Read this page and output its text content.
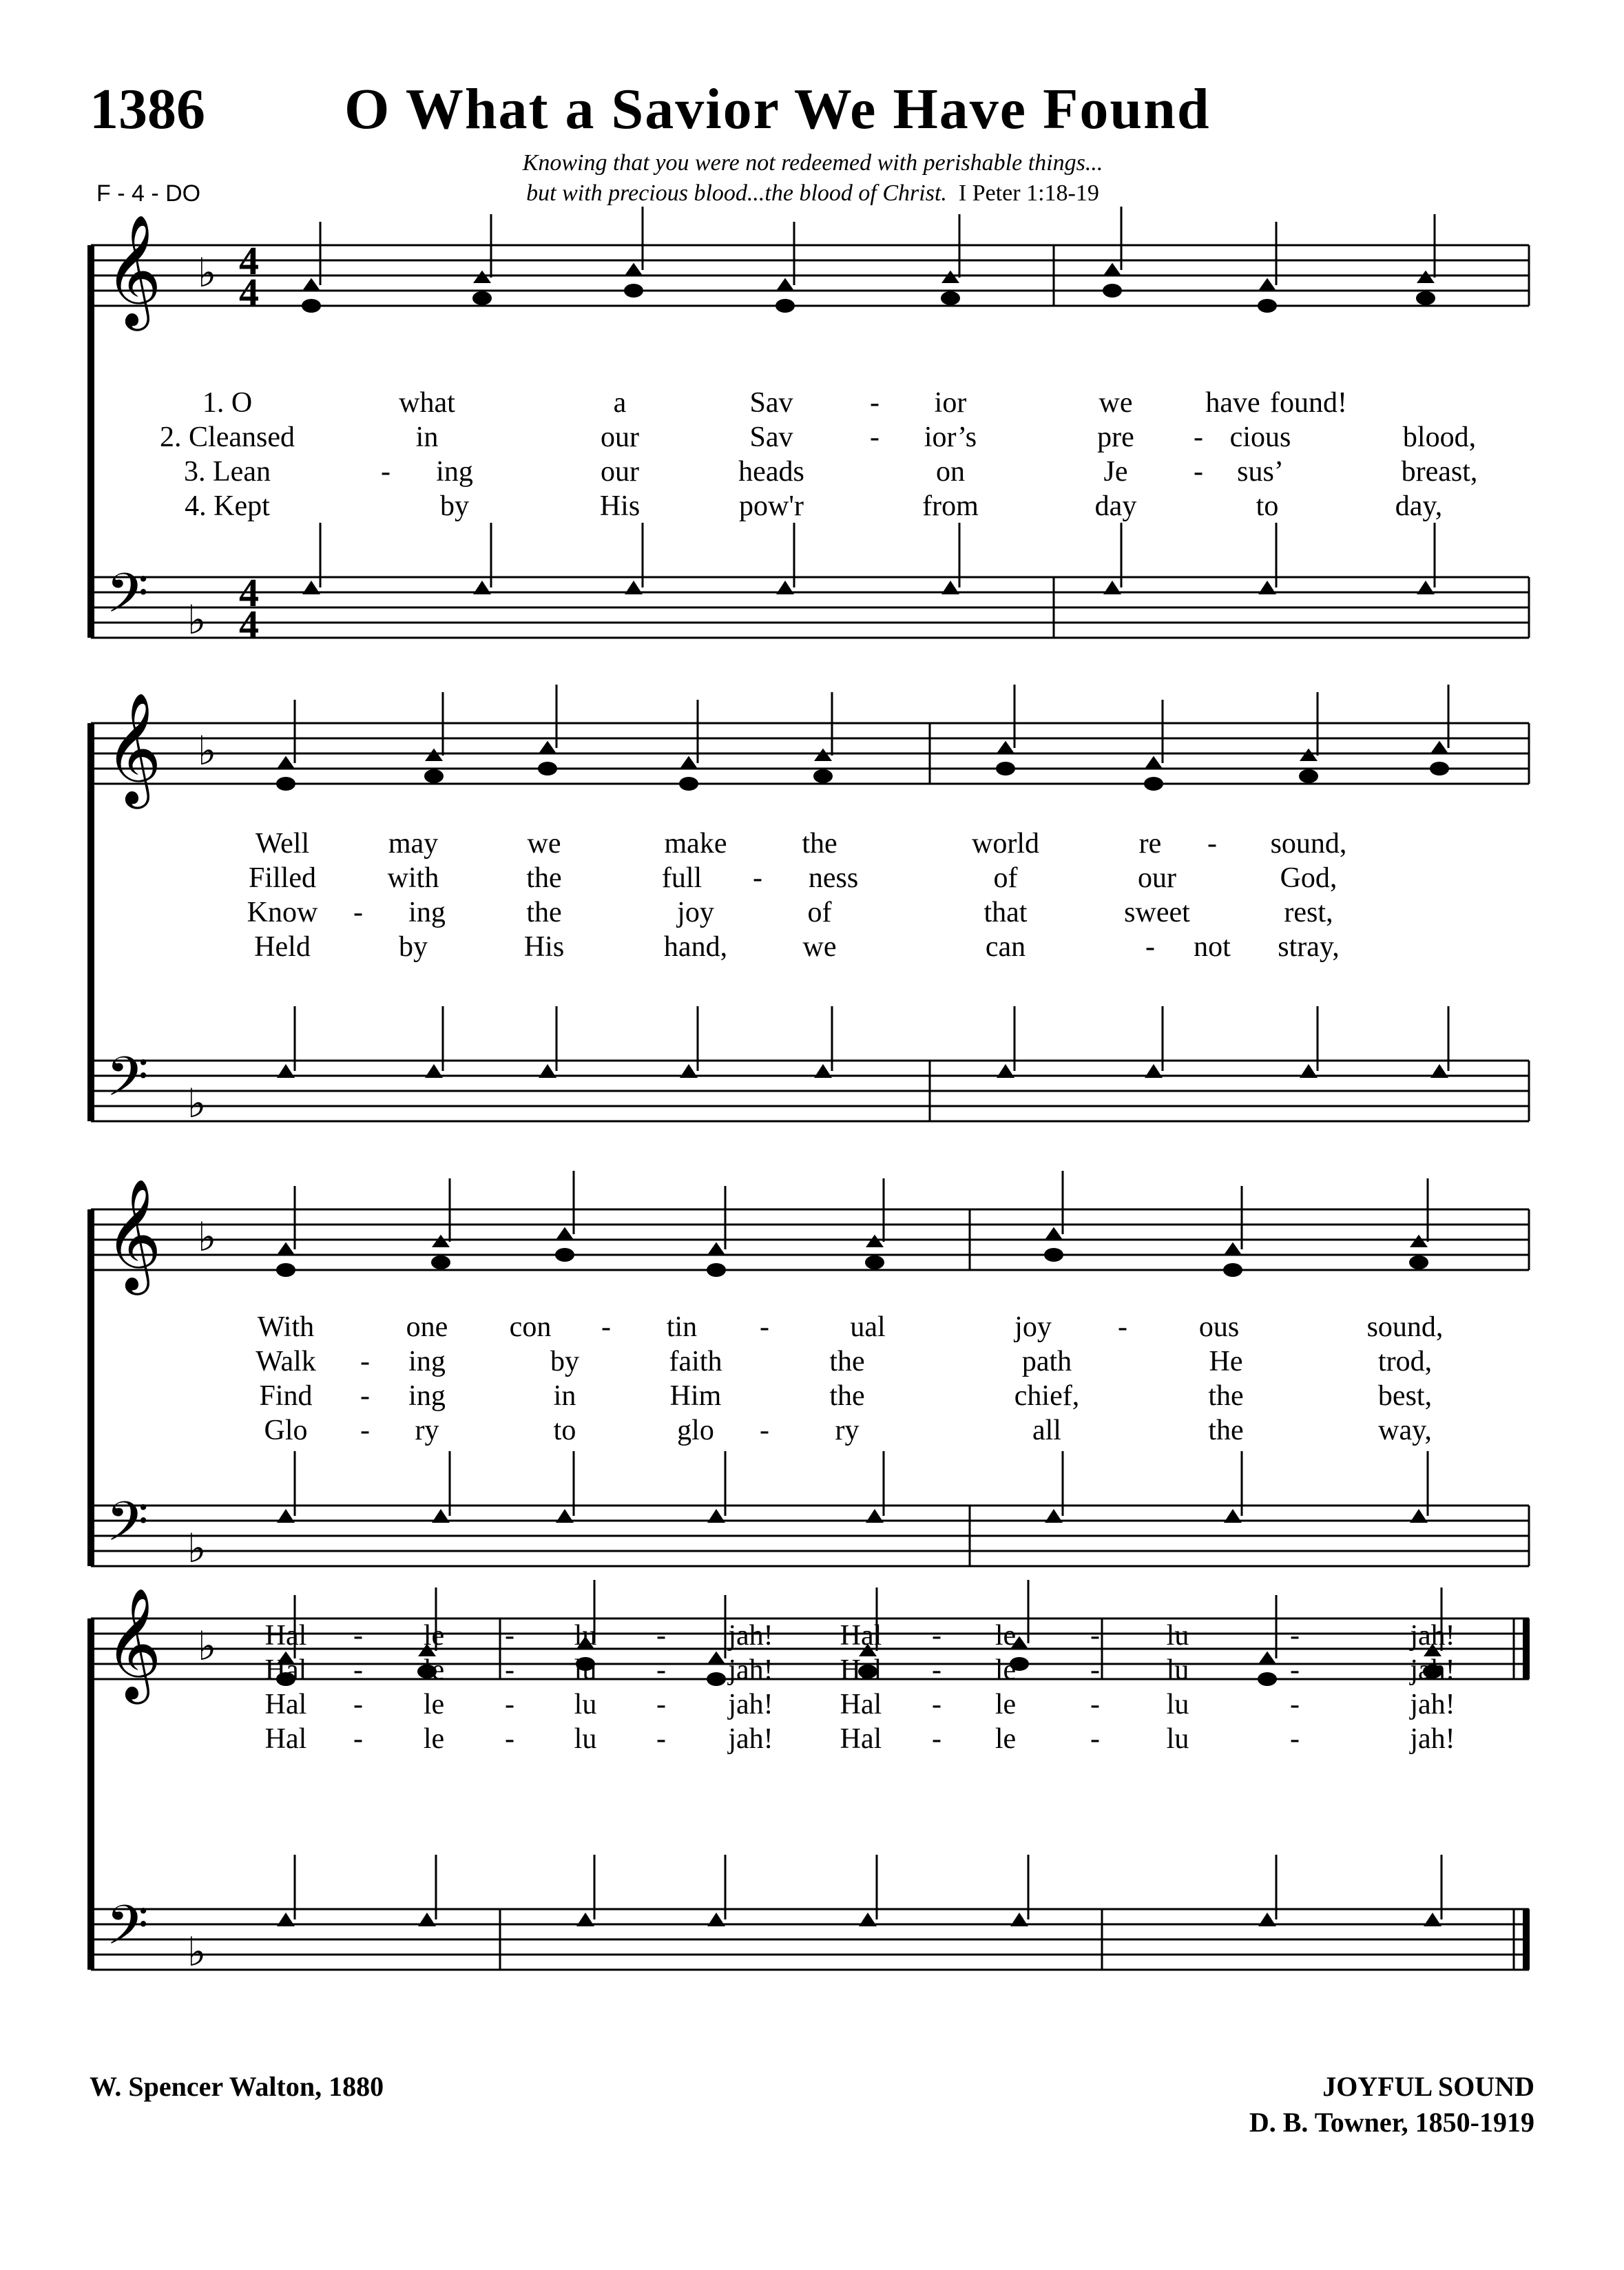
1386 O What a Savior We Have Found
Knowing that you were not redeemed with perishable things...
but with precious blood...the blood of Christ. I Peter 1:18-19
F - 4 - DO
𝄞
𝄢
♭
♭
4
4
4
4
1. O	what	a	Sav	- ior	we	have found!
2. Cleansed	in	our	Sav	- ior’s	pre - cious	blood,
3. Lean	- ing	our	heads	on	Je - sus’	breast,
4. Kept	by	His	pow'r	from	day	to	day,
𝄞
𝄢
♭
♭
Well	may	we	make	the	world	re - sound,
Filled with	the	full - ness	of	our	God,
Know - ing	the	joy	of	that	sweet	rest,
Held	by	His	hand,	we	can	- not stray,
𝄞
𝄢
♭
♭
With	one con - tin -	ual	joy - ous	sound,
Walk - ing	by	faith	the	path	He	trod,
Find - ing	in	Him	the	chief,	the	best,
Glo - ry	to	glo - ry	all	the	way,
𝄞
𝄢
♭
♭
Hal - le - lu - jah! Hal - le	- lu	-	jah!
Hal - le - lu - jah! Hal - le	- lu	-	jah!
Hal - le - lu - jah! Hal - le	- lu	-	jah!
Hal - le - lu - jah! Hal - le	- lu	-	jah!
W. Spencer Walton, 1880	JOYFUL SOUND
D. B. Towner, 1850-1919
